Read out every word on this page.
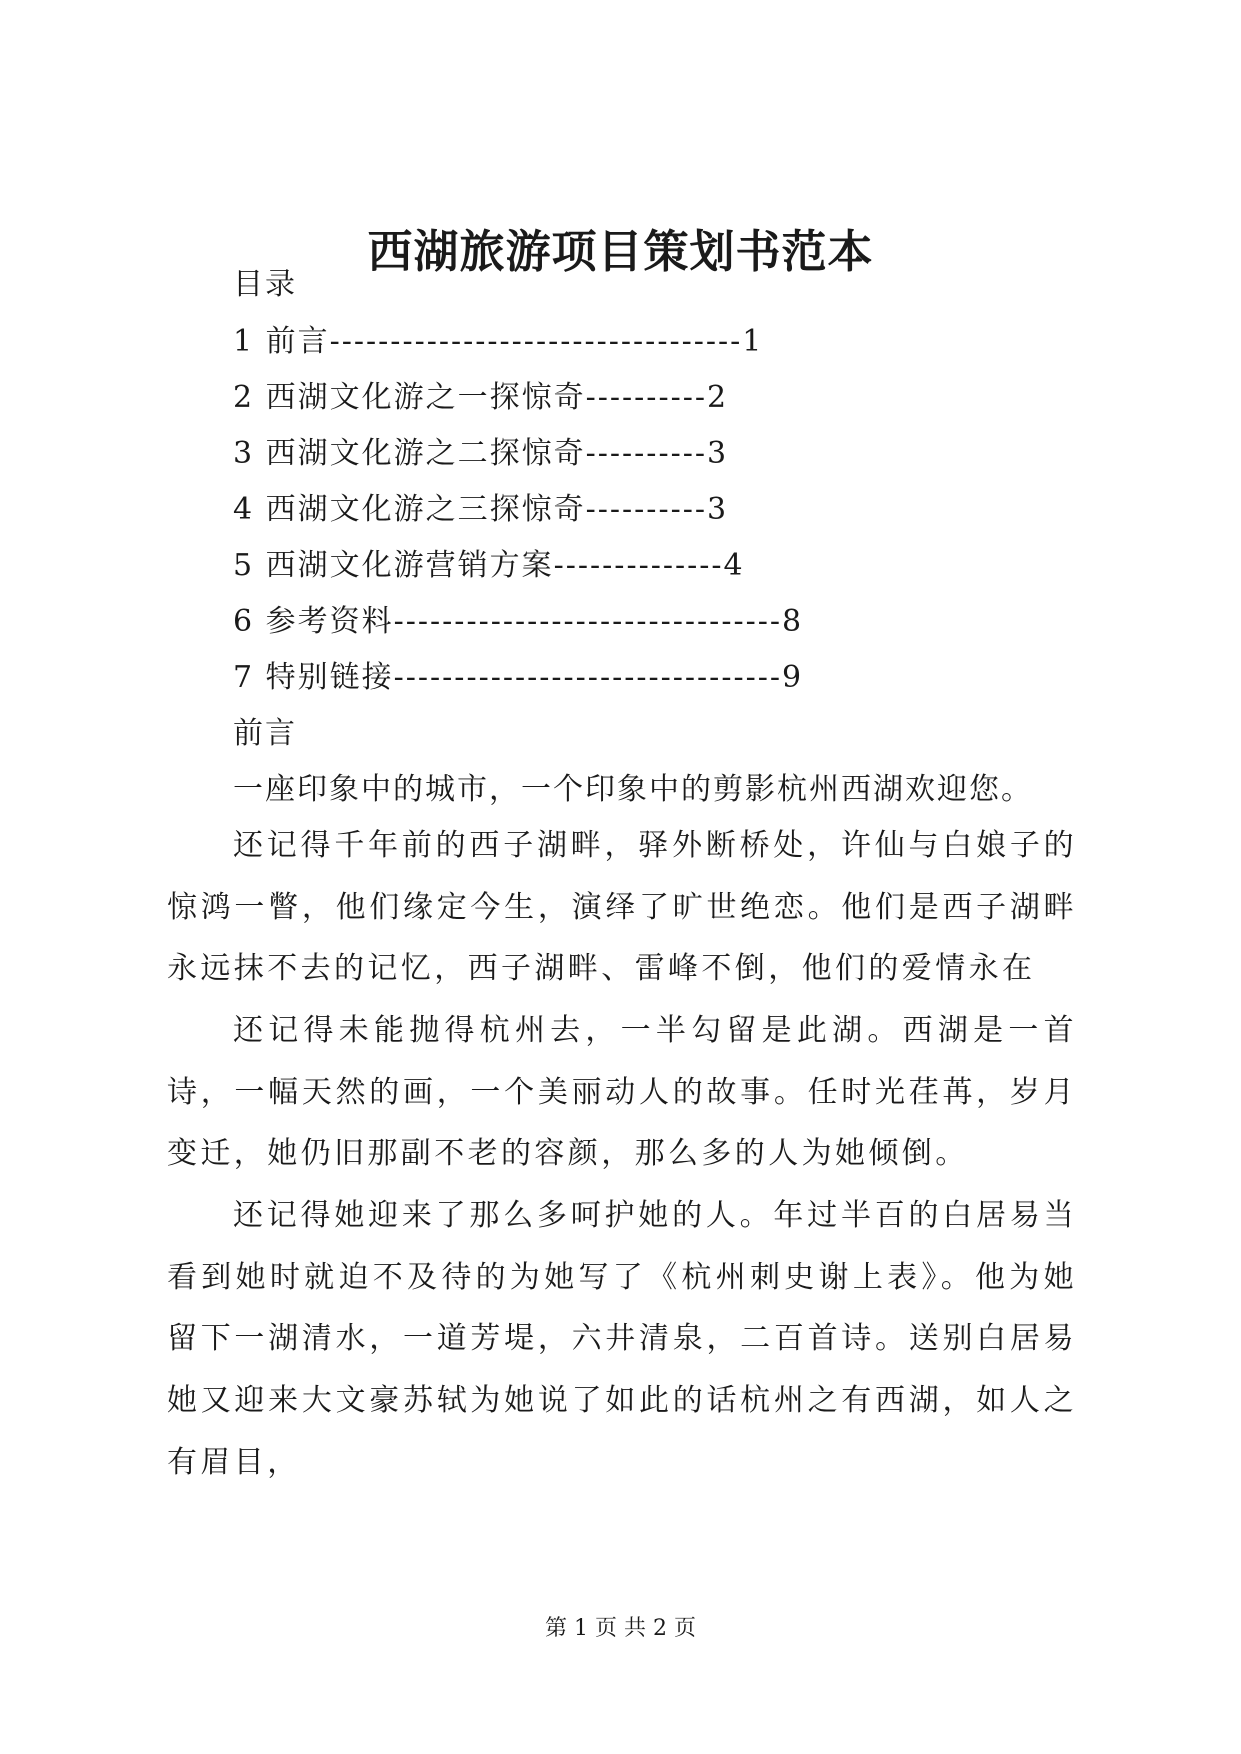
西湖旅游项目策划书范本
目录
1 前言----------------------------------1
2 西湖文化游之一探惊奇----------2
3 西湖文化游之二探惊奇----------3
4 西湖文化游之三探惊奇----------3
5 西湖文化游营销方案--------------4
6 参考资料--------------------------------8
7 特别链接--------------------------------9
前言
一座印象中的城市，一个印象中的剪影杭州西湖欢迎您。

还记得千年前的西子湖畔，驿外断桥处，许仙与白娘子的惊鸿一瞥，他们缘定今生，演绎了旷世绝恋。他们是西子湖畔永远抹不去的记忆，西子湖畔、雷峰不倒，他们的爱情永在

还记得未能抛得杭州去，一半勾留是此湖。西湖是一首诗，一幅天然的画，一个美丽动人的故事。任时光荏苒，岁月变迁，她仍旧那副不老的容颜，那么多的人为她倾倒。

还记得她迎来了那么多呵护她的人。年过半百的白居易当看到她时就迫不及待的为她写了《杭州刺史谢上表》。他为她留下一湖清水，一道芳堤，六井清泉，二百首诗。送别白居易她又迎来大文豪苏轼为她说了如此的话杭州之有西湖，如人之有眉目，

第 1 页 共 2 页
